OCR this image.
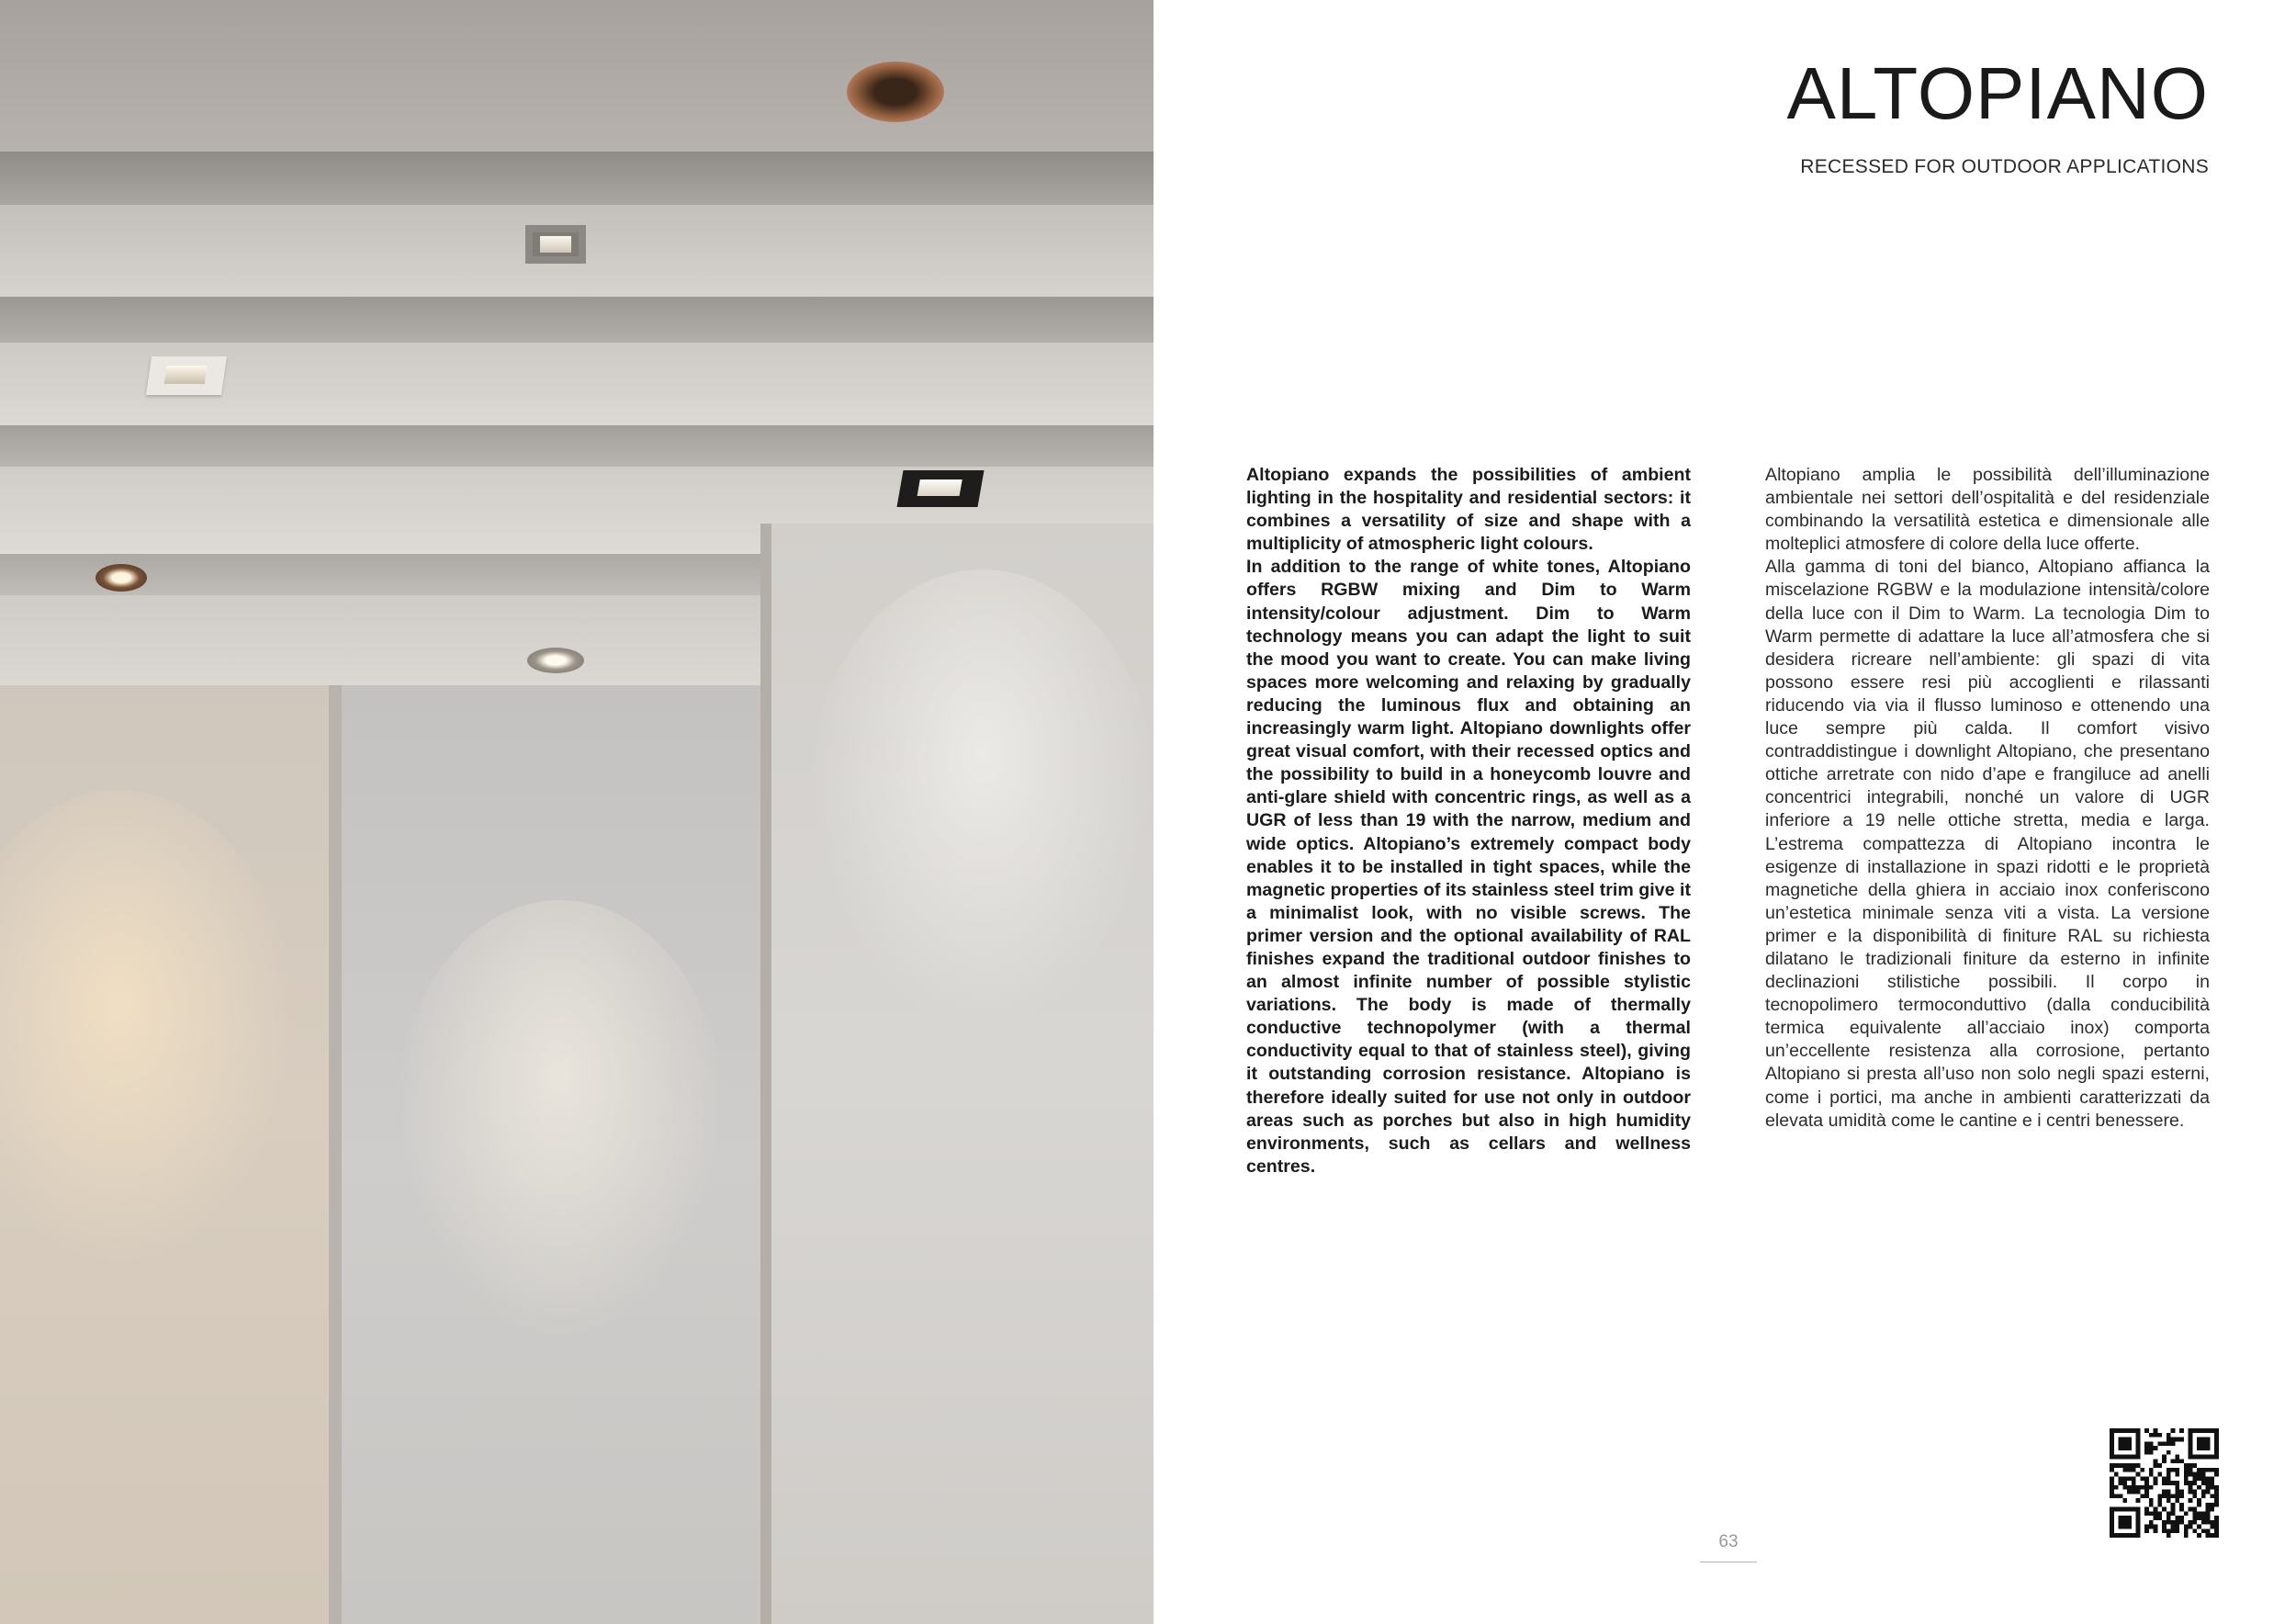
ALTOPIANO
RECESSED FOR OUTDOOR APPLICATIONS

Altopiano expands the possibilities of ambient lighting in the hospitality and residential sectors: it combines a versatility of size and shape with a multiplicity of atmospheric light colours.

In addition to the range of white tones, Altopiano offers RGBW mixing and Dim to Warm intensity/colour adjustment. Dim to Warm technology means you can adapt the light to suit the mood you want to create. You can make living spaces more welcoming and relaxing by gradually reducing the luminous flux and obtaining an increasingly warm light. Altopiano downlights offer great visual comfort, with their recessed optics and the possibility to build in a honeycomb louvre and anti-glare shield with concentric rings, as well as a UGR of less than 19 with the narrow, medium and wide optics. Altopiano’s extremely compact body enables it to be installed in tight spaces, while the magnetic properties of its stainless steel trim give it a minimalist look, with no visible screws. The primer version and the optional availability of RAL finishes expand the traditional outdoor finishes to an almost infinite number of possible stylistic variations. The body is made of thermally conductive technopolymer (with a thermal conductivity equal to that of stainless steel), giving it outstanding corrosion resistance. Altopiano is therefore ideally suited for use not only in outdoor areas such as porches but also in high humidity environments, such as cellars and wellness centres.

Altopiano amplia le possibilità dell’illuminazione ambientale nei settori dell’ospitalità e del residenziale combinando la versatilità estetica e dimensionale alle molteplici atmosfere di colore della luce offerte.

Alla gamma di toni del bianco, Altopiano affianca la miscelazione RGBW e la modulazione intensità/colore della luce con il Dim to Warm. La tecnologia Dim to Warm permette di adattare la luce all’atmosfera che si desidera ricreare nell’ambiente: gli spazi di vita possono essere resi più accoglienti e rilassanti riducendo via via il flusso luminoso e ottenendo una luce sempre più calda. Il comfort visivo contraddistingue i downlight Altopiano, che presentano ottiche arretrate con nido d’ape e frangiluce ad anelli concentrici integrabili, nonché un valore di UGR inferiore a 19 nelle ottiche stretta, media e larga. L’estrema compattezza di Altopiano incontra le esigenze di installazione in spazi ridotti e le proprietà magnetiche della ghiera in acciaio inox conferiscono un’estetica minimale senza viti a vista. La versione primer e la disponibilità di finiture RAL su richiesta dilatano le tradizionali finiture da esterno in infinite declinazioni stilistiche possibili. Il corpo in tecnopolimero termoconduttivo (dalla conducibilità termica equivalente all’acciaio inox) comporta un’eccellente resistenza alla corrosione, pertanto Altopiano si presta all’uso non solo negli spazi esterni, come i portici, ma anche in ambienti caratterizzati da elevata umidità come le cantine e i centri benessere.

63
